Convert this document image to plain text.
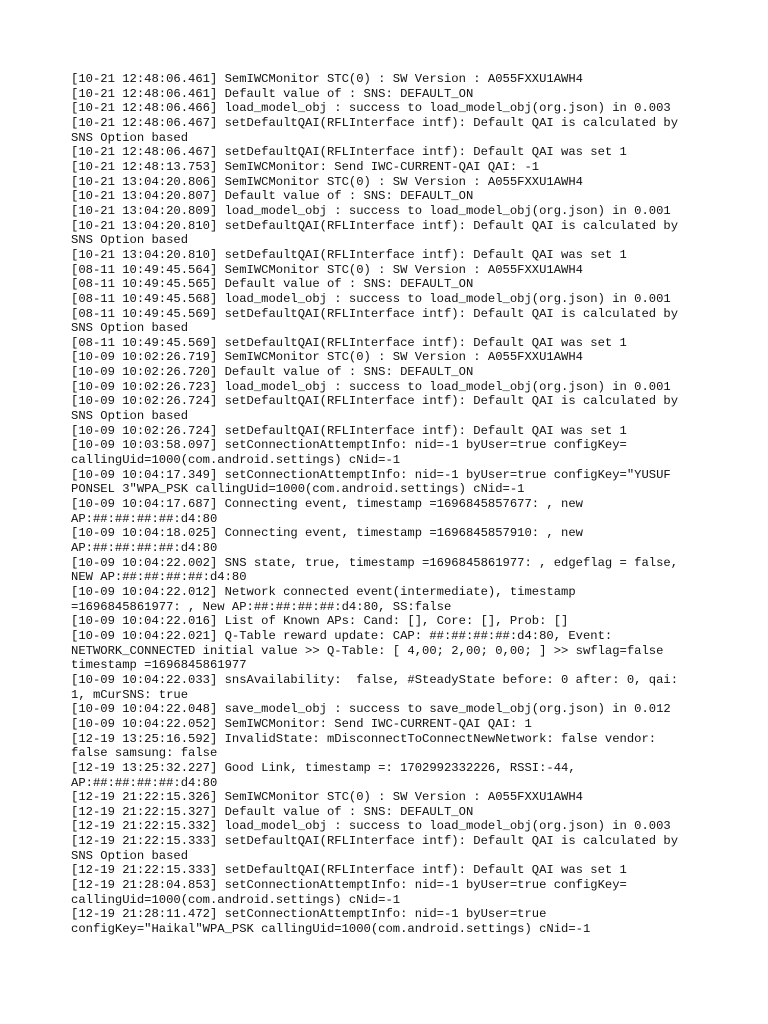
[10-21 12:48:06.461] SemIWCMonitor STC(0) : SW Version : A055FXXU1AWH4

[10-21 12:48:06.461] Default value of : SNS: DEFAULT_ON

[10-21 12:48:06.466] load_model_obj : success to load_model_obj(org.json) in 0.003

[10-21 12:48:06.467] setDefaultQAI(RFLInterface intf): Default QAI is calculated by

SNS Option based

[10-21 12:48:06.467] setDefaultQAI(RFLInterface intf): Default QAI was set 1

[10-21 12:48:13.753] SemIWCMonitor: Send IWC-CURRENT-QAI QAI: -1

[10-21 13:04:20.806] SemIWCMonitor STC(0) : SW Version : A055FXXU1AWH4

[10-21 13:04:20.807] Default value of : SNS: DEFAULT_ON

[10-21 13:04:20.809] load_model_obj : success to load_model_obj(org.json) in 0.001

[10-21 13:04:20.810] setDefaultQAI(RFLInterface intf): Default QAI is calculated by

SNS Option based

[10-21 13:04:20.810] setDefaultQAI(RFLInterface intf): Default QAI was set 1

[08-11 10:49:45.564] SemIWCMonitor STC(0) : SW Version : A055FXXU1AWH4

[08-11 10:49:45.565] Default value of : SNS: DEFAULT_ON

[08-11 10:49:45.568] load_model_obj : success to load_model_obj(org.json) in 0.001

[08-11 10:49:45.569] setDefaultQAI(RFLInterface intf): Default QAI is calculated by

SNS Option based

[08-11 10:49:45.569] setDefaultQAI(RFLInterface intf): Default QAI was set 1

[10-09 10:02:26.719] SemIWCMonitor STC(0) : SW Version : A055FXXU1AWH4

[10-09 10:02:26.720] Default value of : SNS: DEFAULT_ON

[10-09 10:02:26.723] load_model_obj : success to load_model_obj(org.json) in 0.001

[10-09 10:02:26.724] setDefaultQAI(RFLInterface intf): Default QAI is calculated by

SNS Option based

[10-09 10:02:26.724] setDefaultQAI(RFLInterface intf): Default QAI was set 1

[10-09 10:03:58.097] setConnectionAttemptInfo: nid=-1 byUser=true configKey=

callingUid=1000(com.android.settings) cNid=-1

[10-09 10:04:17.349] setConnectionAttemptInfo: nid=-1 byUser=true configKey="YUSUF

PONSEL 3"WPA_PSK callingUid=1000(com.android.settings) cNid=-1

[10-09 10:04:17.687] Connecting event, timestamp =1696845857677: , new

AP:##:##:##:##:d4:80

[10-09 10:04:18.025] Connecting event, timestamp =1696845857910: , new

AP:##:##:##:##:d4:80

[10-09 10:04:22.002] SNS state, true, timestamp =1696845861977: , edgeflag = false,

NEW AP:##:##:##:##:d4:80

[10-09 10:04:22.012] Network connected event(intermediate), timestamp

=1696845861977: , New AP:##:##:##:##:d4:80, SS:false

[10-09 10:04:22.016] List of Known APs: Cand: [], Core: [], Prob: []

[10-09 10:04:22.021] Q-Table reward update: CAP: ##:##:##:##:d4:80, Event:

NETWORK_CONNECTED initial value >> Q-Table: [ 4,00; 2,00; 0,00; ] >> swflag=false

timestamp =1696845861977

[10-09 10:04:22.033] snsAvailability:  false, #SteadyState before: 0 after: 0, qai:

1, mCurSNS: true

[10-09 10:04:22.048] save_model_obj : success to save_model_obj(org.json) in 0.012

[10-09 10:04:22.052] SemIWCMonitor: Send IWC-CURRENT-QAI QAI: 1

[12-19 13:25:16.592] InvalidState: mDisconnectToConnectNewNetwork: false vendor:

false samsung: false

[12-19 13:25:32.227] Good Link, timestamp =: 1702992332226, RSSI:-44,

AP:##:##:##:##:d4:80

[12-19 21:22:15.326] SemIWCMonitor STC(0) : SW Version : A055FXXU1AWH4

[12-19 21:22:15.327] Default value of : SNS: DEFAULT_ON

[12-19 21:22:15.332] load_model_obj : success to load_model_obj(org.json) in 0.003

[12-19 21:22:15.333] setDefaultQAI(RFLInterface intf): Default QAI is calculated by

SNS Option based

[12-19 21:22:15.333] setDefaultQAI(RFLInterface intf): Default QAI was set 1

[12-19 21:28:04.853] setConnectionAttemptInfo: nid=-1 byUser=true configKey=

callingUid=1000(com.android.settings) cNid=-1

[12-19 21:28:11.472] setConnectionAttemptInfo: nid=-1 byUser=true

configKey="Haikal"WPA_PSK callingUid=1000(com.android.settings) cNid=-1
